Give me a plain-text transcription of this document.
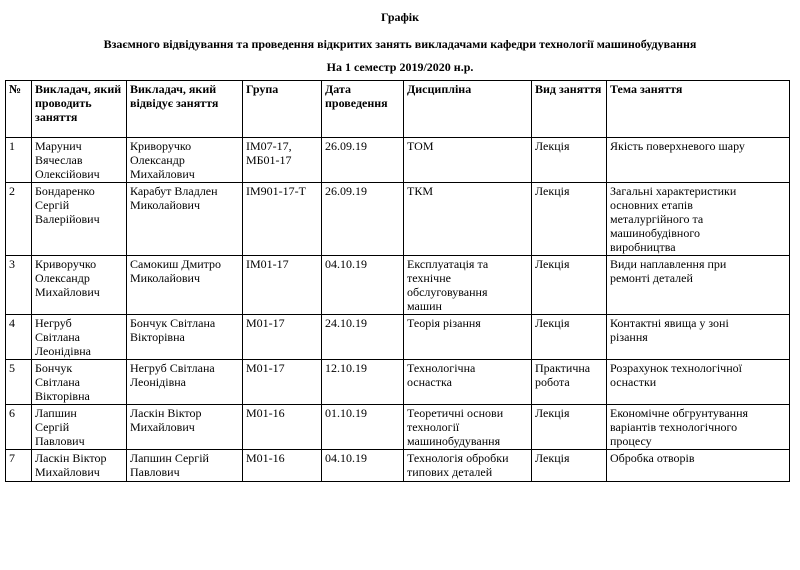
Графік
Взаємного відвідування та проведення відкритих занять викладачами кафедри технології машинобудування
На 1 семестр 2019/2020 н.р.
№	Викладач, який проводить заняття	Викладач, який відвідує заняття	Група	Дата проведення	Дисципліна	Вид заняття	Тема заняття
1	Марунич
Вячеслав
Олексійович	Криворучко
Олександр
Михайлович	ІМ07-17,
МБ01-17	26.09.19	ТОМ	Лекція	Якість поверхневого шару
2	Бондаренко
Сергій
Валерійович	Карабут Владлен
Миколайович	ІМ901-17-Т	26.09.19	ТКМ	Лекція	Загальні характеристики
основних етапів
металургійного та
машинобудівного
виробництва
3	Криворучко
Олександр
Михайлович	Самокиш Дмитро
Миколайович	ІМ01-17	04.10.19	Експлуатація та
технічне
обслуговування
машин	Лекція	Види наплавлення при
ремонті деталей
4	Негруб
Світлана
Леонідівна	Бончук Світлана
Вікторівна	М01-17	24.10.19	Теорія різання	Лекція	Контактні явища у зоні
різання
5	Бончук
Світлана
Вікторівна	Негруб Світлана
Леонідівна	М01-17	12.10.19	Технологічна
оснастка	Практична
робота	Розрахунок технологічної
оснастки
6	Лапшин
Сергій
Павлович	Ласкін Віктор
Михайлович	М01-16	01.10.19	Теоретичні основи
технології
машинобудування	Лекція	Економічне обгрунтування
варіантів технологічного
процесу
7	Ласкін Віктор
Михайлович	Лапшин Сергій
Павлович	М01-16	04.10.19	Технологія обробки
типових деталей	Лекція	Обробка отворів
